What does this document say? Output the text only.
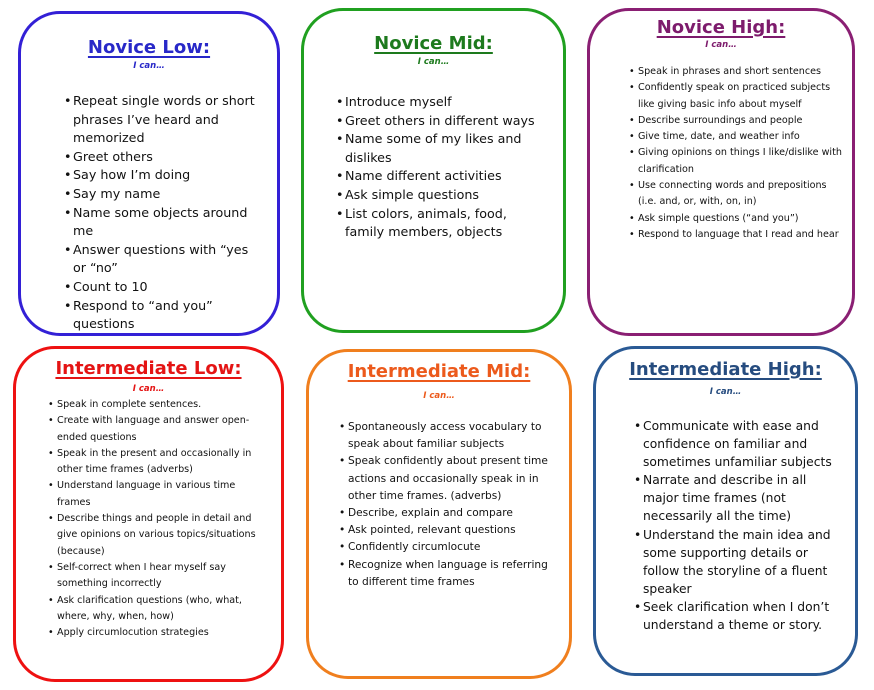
Novice Low:
I can…
• Repeat single words or short phrases I’ve heard and memorized
• Greet others
• Say how I’m doing
• Say my name
• Name some objects around me
• Answer questions with “yes or “no”
• Count to 10
• Respond to “and you” questions
Novice Mid:
I can…
• Introduce myself
• Greet others in different ways
• Name some of my likes and dislikes
• Name different activities
• Ask simple questions
• List colors, animals, food, family members, objects
Novice High:
I can…
• Speak in phrases and short sentences
• Confidently speak on practiced subjects like giving basic info about myself
• Describe surroundings and people
• Give time, date, and weather info
• Giving opinions on things I like/dislike with clarification
• Use connecting words and prepositions (i.e. and, or, with, on, in)
• Ask simple questions (“and you”)
• Respond to language that I read and hear
Intermediate Low:
I can…
• Speak in complete sentences.
• Create with language and answer open-ended questions
• Speak in the present and occasionally in other time frames (adverbs)
• Understand language in various time frames
• Describe things and people in detail and give opinions on various topics/situations (because)
• Self-correct when I hear myself say something incorrectly
• Ask clarification questions (who, what, where, why, when, how)
• Apply circumlocution strategies
Intermediate Mid:
I can…
• Spontaneously access vocabulary to speak about familiar subjects
• Speak confidently about present time actions and occasionally speak in in other time frames. (adverbs)
• Describe, explain and compare
• Ask pointed, relevant questions
• Confidently circumlocute
• Recognize when language is referring to different time frames
Intermediate High:
I can…
• Communicate with ease and confidence on familiar and sometimes unfamiliar subjects
• Narrate and describe in all major time frames (not necessarily all the time)
• Understand the main idea and some supporting details or follow the storyline of a fluent speaker
• Seek clarification when I don’t understand a theme or story.
